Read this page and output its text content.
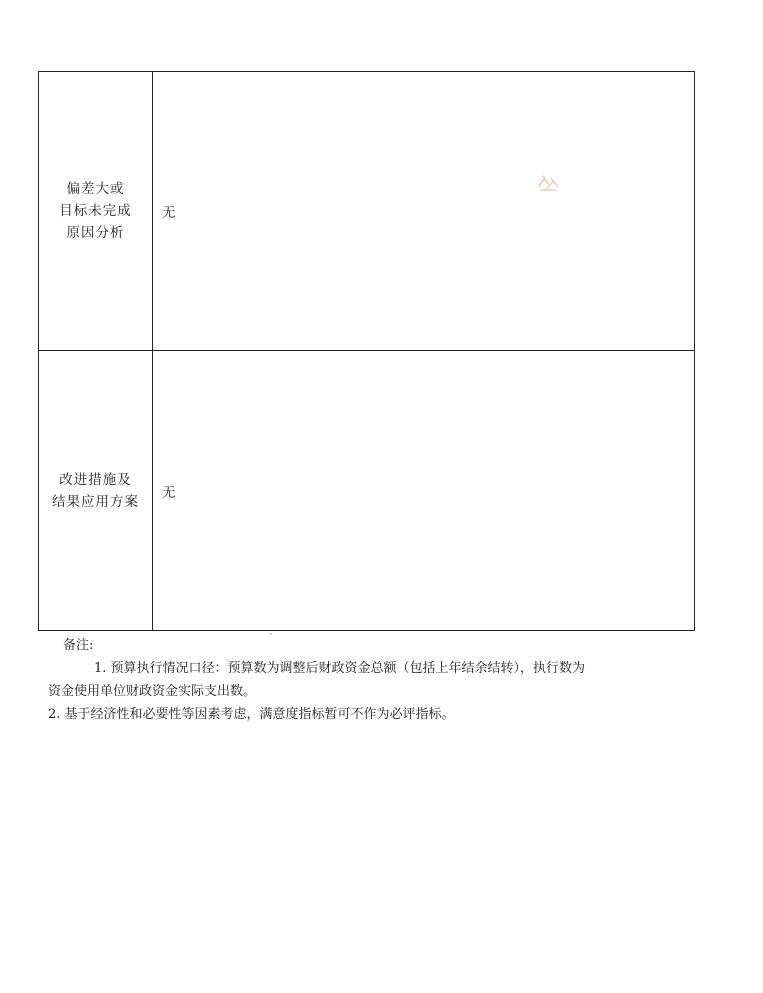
偏差大或
目标未完成
原因分析	无

改进措施及
结果应用方案	无
备注:

1. 预算执行情况口径：预算数为调整后财政资金总额（包括上年结余结转），执行数为

资金使用单位财政资金实际支出数。

2. 基于经济性和必要性等因素考虑，满意度指标暂可不作为必评指标。
